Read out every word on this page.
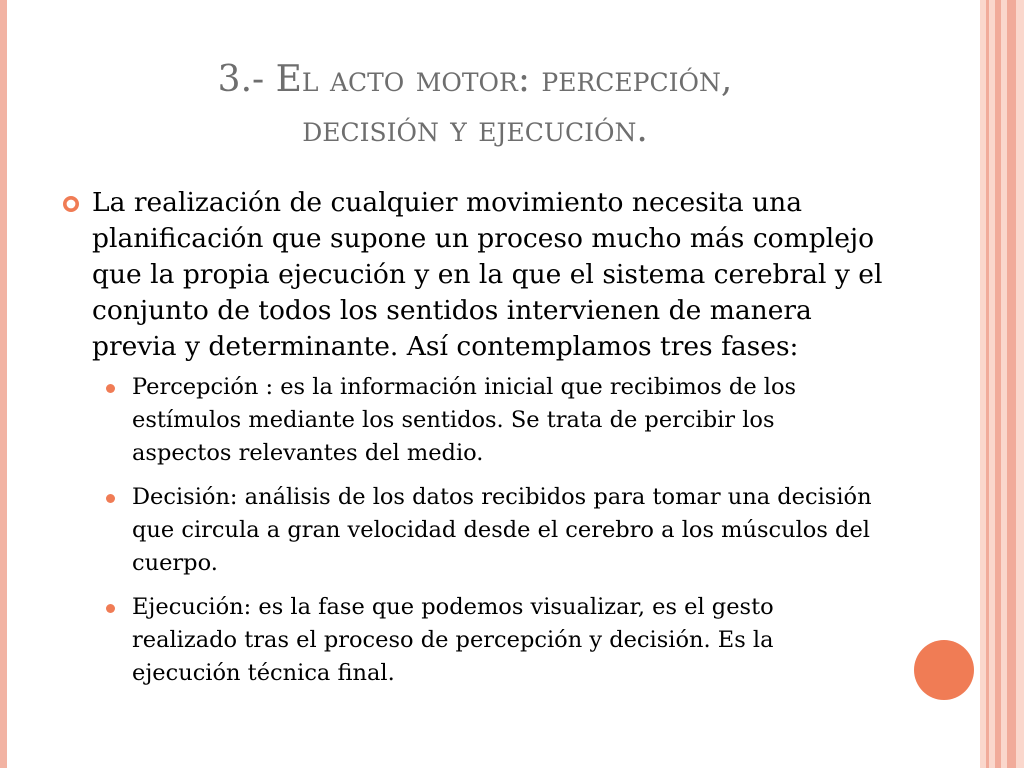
3.- El acto motor: percepción,
decisión y ejecución.

La realización de cualquier movimiento necesita una planificación que supone un proceso mucho más complejo que la propia ejecución y en la que el sistema cerebral y el conjunto de todos los sentidos intervienen de manera previa y determinante. Así contemplamos tres fases:

Percepción : es la información inicial que recibimos de los estímulos mediante los sentidos. Se trata de percibir los aspectos relevantes del medio.

Decisión: análisis de los datos recibidos para tomar una decisión que circula a gran velocidad desde el cerebro a los músculos del cuerpo.

Ejecución: es la fase que podemos visualizar, es el gesto realizado tras el proceso de percepción y decisión. Es la ejecución técnica final.
